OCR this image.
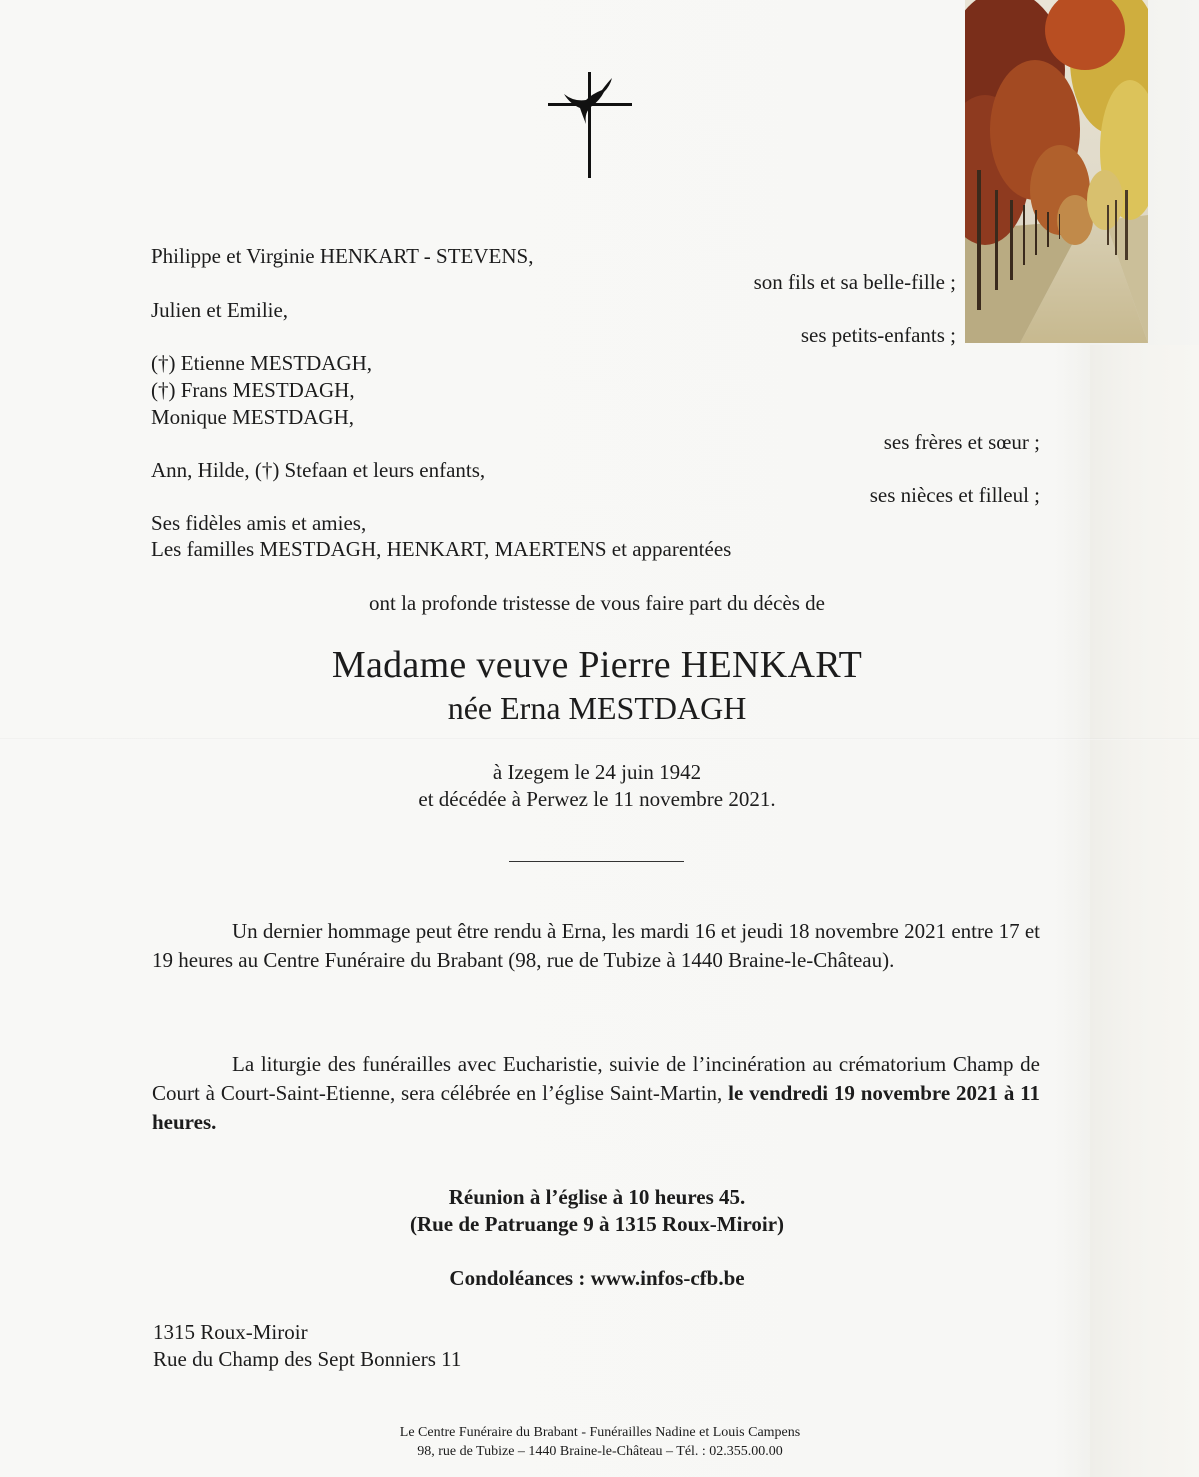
Philippe et Virginie HENKART - STEVENS,
son fils et sa belle-fille ;
Julien et Emilie,
ses petits-enfants ;
(†) Etienne MESTDAGH,
(†) Frans MESTDAGH,
Monique MESTDAGH,
ses frères et sœur ;
Ann, Hilde, (†) Stefaan et leurs enfants,
ses nièces et filleul ;
Ses fidèles amis et amies,
Les familles MESTDAGH, HENKART, MAERTENS et apparentées
ont la profonde tristesse de vous faire part du décès de
Madame veuve Pierre HENKART
née Erna MESTDAGH
à Izegem le 24 juin 1942
et décédée à Perwez le 11 novembre 2021.
Un dernier hommage peut être rendu à Erna, les mardi 16 et jeudi 18 novembre 2021 entre 17 et 19 heures au Centre Funéraire du Brabant (98, rue de Tubize à 1440 Braine-le-Château).
La liturgie des funérailles avec Eucharistie, suivie de l’incinération au crématorium Champ de Court à Court-Saint-Etienne, sera célébrée en l’église Saint-Martin, le vendredi 19 novembre 2021 à 11 heures.
Réunion à l’église à 10 heures 45.
(Rue de Patruange 9 à 1315 Roux-Miroir)
Condoléances : www.infos-cfb.be
1315 Roux-Miroir
Rue du Champ des Sept Bonniers 11
Le Centre Funéraire du Brabant - Funérailles Nadine et Louis Campens
98, rue de Tubize – 1440 Braine-le-Château – Tél. : 02.355.00.00
